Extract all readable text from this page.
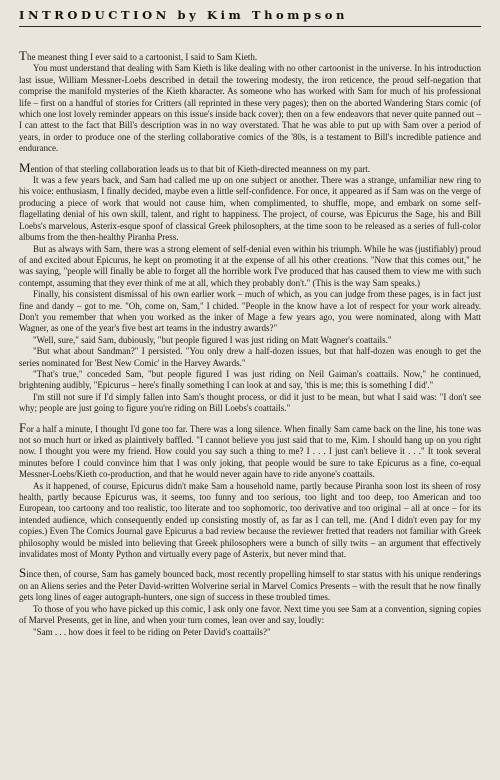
INTRODUCTION by Kim Thompson

The meanest thing I ever said to a cartoonist, I said to Sam Kieth.

You must understand that dealing with Sam Kieth is like dealing with no other cartoonist in the universe. In his introduction last issue, William Messner-Loebs described in detail the towering modesty, the iron reticence, the proud self-negation that comprise the manifold mysteries of the Kieth kharacter. As someone who has worked with Sam for much of his professional life – first on a handful of stories for Critters (all reprinted in these very pages); then on the aborted Wandering Stars comic (of which one lost lovely reminder appears on this issue's inside back cover); then on a few endeavors that never quite panned out – I can attest to the fact that Bill's description was in no way overstated. That he was able to put up with Sam over a period of years, in order to produce one of the sterling collaborative comics of the '80s, is a testament to Bill's incredible patience and endurance.

Mention of that sterling collaboration leads us to that bit of Kieth-directed meanness on my part.

It was a few years back, and Sam had called me up on one subject or another. There was a strange, unfamiliar new ring to his voice: enthusiasm, I finally decided, maybe even a little self-confidence. For once, it appeared as if Sam was on the verge of producing a piece of work that would not cause him, when complimented, to shuffle, mope, and embark on some self-flagellating denial of his own skill, talent, and right to happiness. The project, of course, was Epicurus the Sage, his and Bill Loebs's marvelous, Asterix-esque spoof of classical Greek philosophers, at the time soon to be released as a series of full-color albums from the then-healthy Piranha Press.

But as always with Sam, there was a strong element of self-denial even within his triumph. While he was (justifiably) proud of and excited about Epicurus, he kept on promoting it at the expense of all his other creations. "Now that this comes out," he was saying, "people will finally be able to forget all the horrible work I've produced that has caused them to view me with such contempt, assuming that they ever think of me at all, which they probably don't." (This is the way Sam speaks.)

Finally, his consistent dismissal of his own earlier work – much of which, as you can judge from these pages, is in fact just fine and dandy – got to me. "Oh, come on, Sam," I chided. "People in the know have a lot of respect for your work already. Don't you remember that when you worked as the inker of Mage a few years ago, you were nominated, along with Matt Wagner, as one of the year's five best art teams in the industry awards?"

"Well, sure," said Sam, dubiously, "but people figured I was just riding on Matt Wagner's coattails."

"But what about Sandman?" I persisted. "You only drew a half-dozen issues, but that half-dozen was enough to get the series nominated for 'Best New Comic' in the Harvey Awards."

"That's true," conceded Sam, "but people figured I was just riding on Neil Gaiman's coattails. Now," he continued, brightening audibly, "Epicurus – here's finally something I can look at and say, 'this is me; this is something I did'."

I'm still not sure if I'd simply fallen into Sam's thought process, or did it just to be mean, but what I said was: "I don't see why; people are just going to figure you're riding on Bill Loebs's coattails."

For a half a minute, I thought I'd gone too far. There was a long silence. When finally Sam came back on the line, his tone was not so much hurt or irked as plaintively baffled. "I cannot believe you just said that to me, Kim. I should hang up on you right now. I thought you were my friend. How could you say such a thing to me? I . . . I just can't believe it . . ." It took several minutes before I could convince him that I was only joking, that people would be sure to take Epicurus as a fine, co-equal Messner-Loebs/Kieth co-production, and that he would never again have to ride anyone's coattails.

As it happened, of course, Epicurus didn't make Sam a household name, partly because Piranha soon lost its sheen of rosy health, partly because Epicurus was, it seems, too funny and too serious, too light and too deep, too American and too European, too cartoony and too realistic, too literate and too sophomoric, too derivative and too original – all at once – for its intended audience, which consequently ended up consisting mostly of, as far as I can tell, me. (And I didn't even pay for my copies.) Even The Comics Journal gave Epicurus a bad review because the reviewer fretted that readers not familiar with Greek philosophy would be misled into believing that Greek philosophers were a bunch of silly twits – an argument that effectively invalidates most of Monty Python and virtually every page of Asterix, but never mind that.

Since then, of course, Sam has gamely bounced back, most recently propelling himself to star status with his unique renderings on an Aliens series and the Peter David-written Wolverine serial in Marvel Comics Presents – with the result that he now finally gets long lines of eager autograph-hunters, one sign of success in these troubled times.

To those of you who have picked up this comic, I ask only one favor. Next time you see Sam at a convention, signing copies of Marvel Presents, get in line, and when your turn comes, lean over and say, loudly:

"Sam . . . how does it feel to be riding on Peter David's coattails?"
